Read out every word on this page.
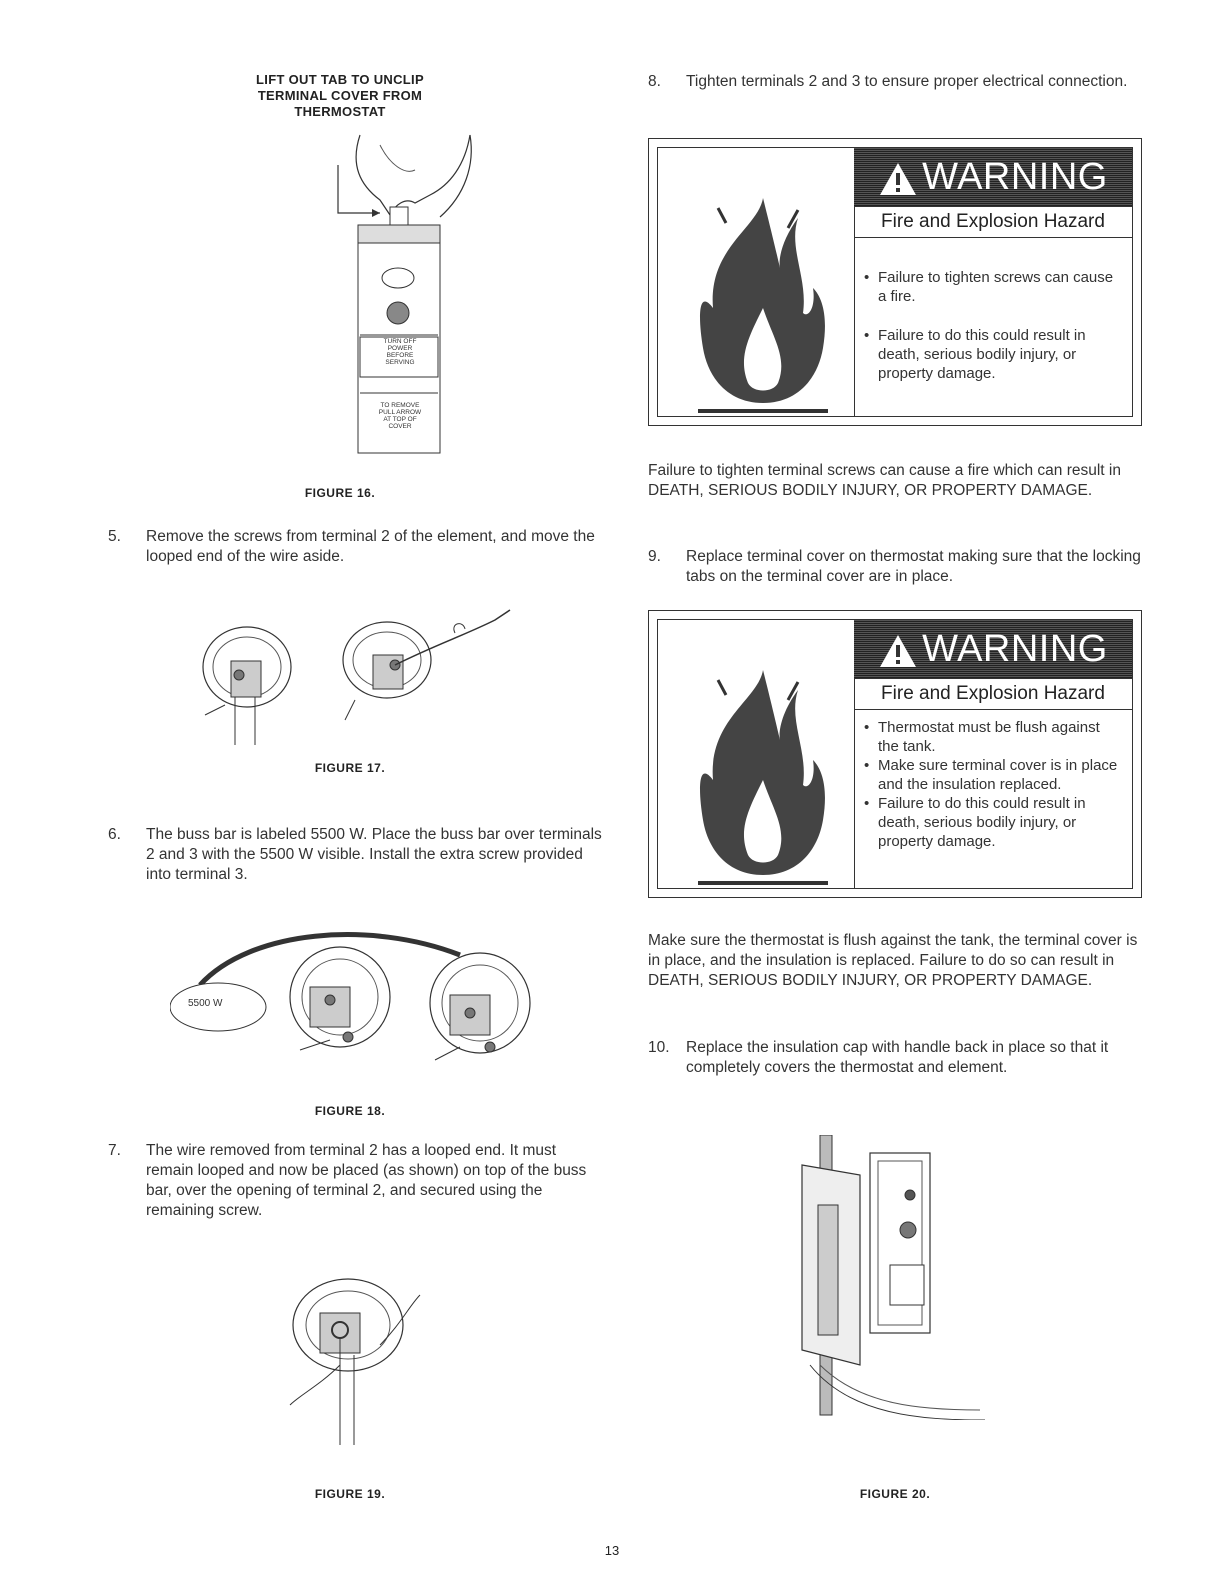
LIFT OUT TAB TO UNCLIP
TERMINAL COVER FROM
THERMOSTAT
TURN OFF
POWER
BEFORE
SERVING
TO REMOVE
PULL ARROW
AT TOP OF
COVER
FIGURE 16.
5. Remove the screws from terminal 2 of the element, and move the looped end of the wire aside.
FIGURE 17.
6. The buss bar is labeled 5500 W. Place the buss bar over terminals 2 and 3 with the 5500 W visible. Install the extra screw provided into terminal 3.
5500 W
FIGURE 18.
7. The wire removed from terminal 2 has a looped end. It must remain looped and now be placed (as shown) on top of the buss bar, over the opening of terminal 2, and secured using the remaining screw.
FIGURE 19.
8. Tighten terminals 2 and 3 to ensure proper electrical connection.
WARNING
Fire and Explosion Hazard
• Failure to tighten screws can cause a fire.
• Failure to do this could result in death, serious bodily injury, or property damage.
Failure to tighten terminal screws can cause a fire which can result in DEATH, SERIOUS BODILY INJURY, OR PROPERTY DAMAGE.
9. Replace terminal cover on thermostat making sure that the locking tabs on the terminal cover are in place.
WARNING
Fire and Explosion Hazard
• Thermostat must be flush against the tank.
• Make sure terminal cover is in place and the insulation replaced.
• Failure to do this could result in death, serious bodily injury, or property damage.
Make sure the thermostat is flush against the tank, the terminal cover is in place, and the insulation is replaced. Failure to do so can result in DEATH, SERIOUS BODILY INJURY, OR PROPERTY DAMAGE.
10. Replace the insulation cap with handle back in place so that it completely covers the thermostat and element.
FIGURE 20.
13
